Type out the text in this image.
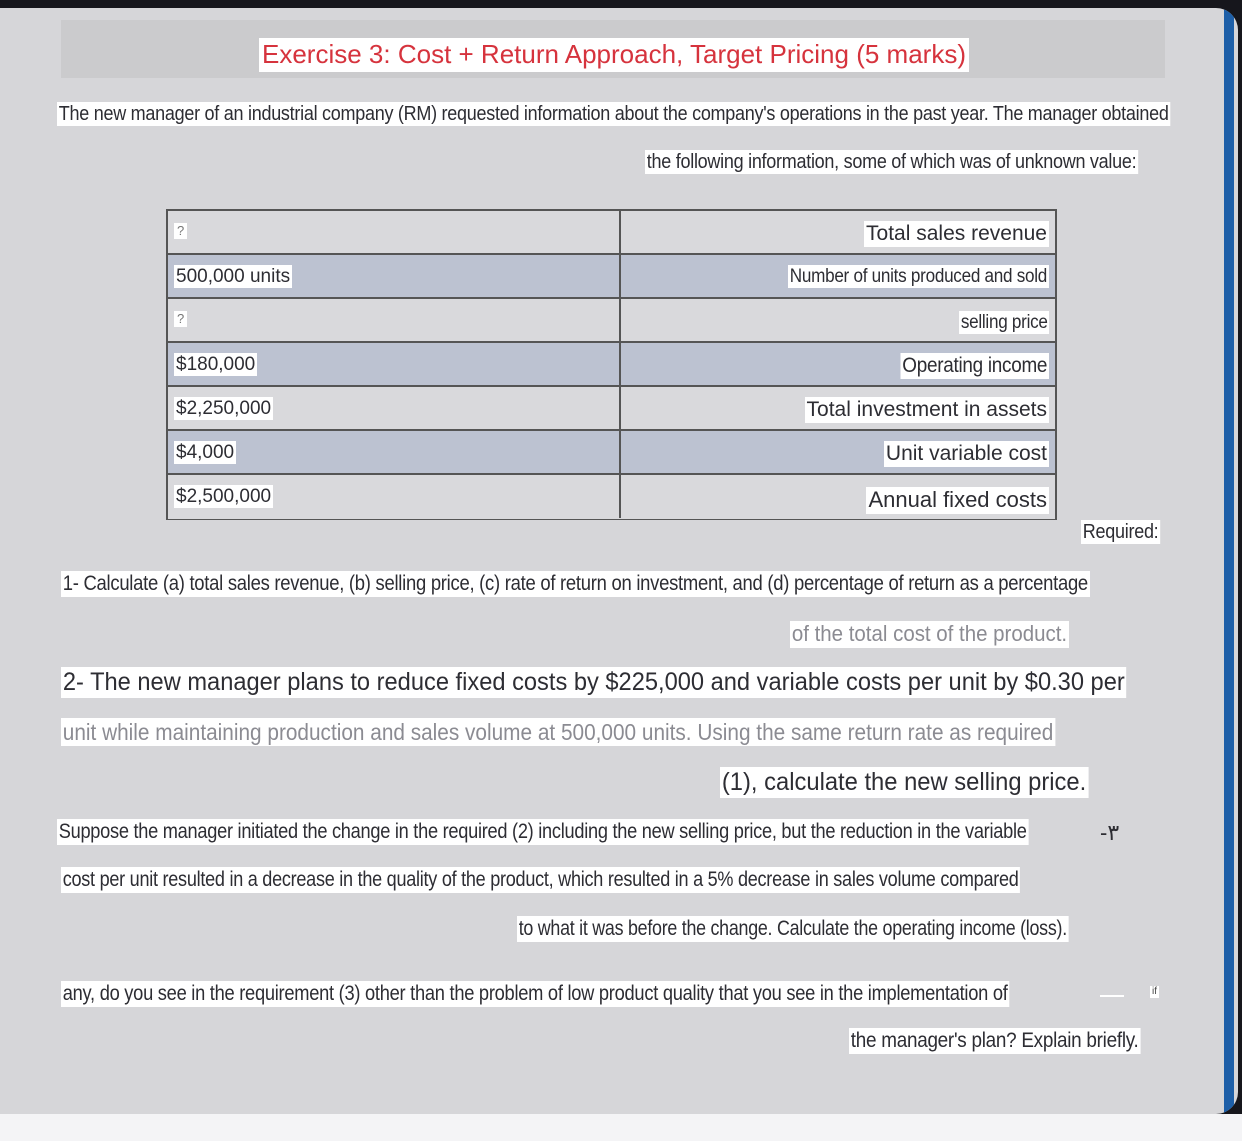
Exercise 3: Cost + Return Approach, Target Pricing (5 marks)
The new manager of an industrial company (RM) requested information about the company's operations in the past year. The manager obtained
the following information, some of which was of unknown value:
?	Total sales revenue
500,000 units	Number of units produced and sold
?	selling price
$180,000	Operating income
$2,250,000	Total investment in assets
$4,000	Unit variable cost
$2,500,000	Annual fixed costs
Required:
1- Calculate (a) total sales revenue, (b) selling price, (c) rate of return on investment, and (d) percentage of return as a percentage
of the total cost of the product.
2- The new manager plans to reduce fixed costs by $225,000 and variable costs per unit by $0.30 per
unit while maintaining production and sales volume at 500,000 units. Using the same return rate as required
(1), calculate the new selling price.
-٣
Suppose the manager initiated the change in the required (2) including the new selling price, but the reduction in the variable
cost per unit resulted in a decrease in the quality of the product, which resulted in a 5% decrease in sales volume compared
to what it was before the change. Calculate the operating income (loss).
if
any, do you see in the requirement (3) other than the problem of low product quality that you see in the implementation of
the manager's plan? Explain briefly.
